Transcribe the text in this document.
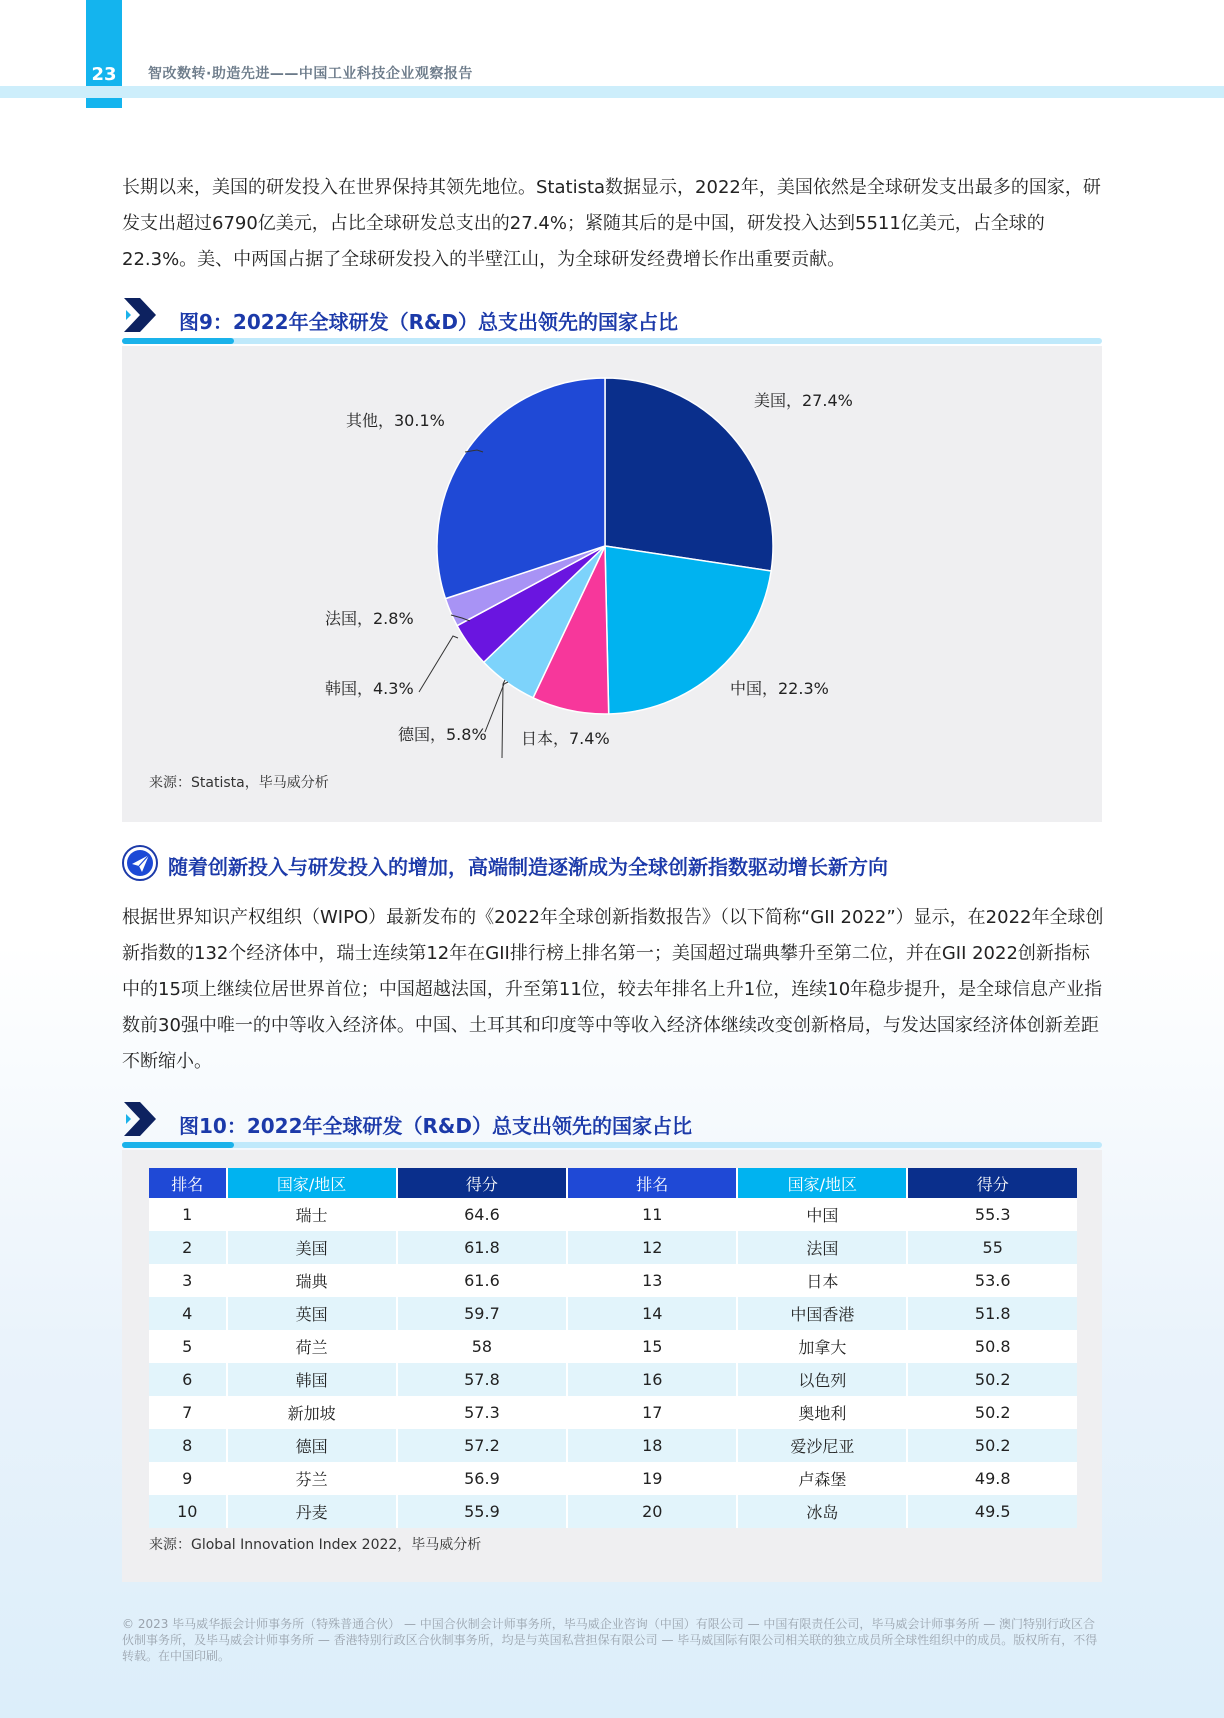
23	智改数转·助造先进——中国工业科技企业观察报告

长期以来，美国的研发投入在世界保持其领先地位。Statista数据显示，2022年，美国依然是全球研发支出最多的国家，研发支出超过6790亿美元，占比全球研发总支出的27.4%；紧随其后的是中国，研发投入达到5511亿美元，占全球的22.3%。美、中两国占据了全球研发投入的半壁江山，为全球研发经费增长作出重要贡献。

图9：2022年全球研发（R&D）总支出领先的国家占比
美国，27.4%
中国，22.3%
日本，7.4%
德国，5.8%
韩国，4.3%
法国，2.8%
其他，30.1%
来源：Statista，毕马威分析
随着创新投入与研发投入的增加，高端制造逐渐成为全球创新指数驱动增长新方向

根据世界知识产权组织（WIPO）最新发布的《2022年全球创新指数报告》（以下简称“GII 2022”）显示，在2022年全球创新指数的132个经济体中，瑞士连续第12年在GII排行榜上排名第一；美国超过瑞典攀升至第二位，并在GII 2022创新指标中的15项上继续位居世界首位；中国超越法国，升至第11位，较去年排名上升1位，连续10年稳步提升，是全球信息产业指数前30强中唯一的中等收入经济体。中国、土耳其和印度等中等收入经济体继续改变创新格局，与发达国家经济体创新差距不断缩小。

图10：2022年全球研发（R&D）总支出领先的国家占比
来源：Global Innovation Index 2022，毕马威分析
排名	国家/地区	得分	排名	国家/地区	得分
1	瑞士	64.6	11	中国	55.3
2	美国	61.8	12	法国	55
3	瑞典	61.6	13	日本	53.6
4	英国	59.7	14	中国香港	51.8
5	荷兰	58	15	加拿大	50.8
6	韩国	57.8	16	以色列	50.2
7	新加坡	57.3	17	奥地利	50.2
8	德国	57.2	18	爱沙尼亚	50.2
9	芬兰	56.9	19	卢森堡	49.8
10	丹麦	55.9	20	冰岛	49.5
© 2023 毕马威华振会计师事务所（特殊普通合伙） — 中国合伙制会计师事务所，毕马威企业咨询（中国）有限公司 — 中国有限责任公司，毕马威会计师事务所 — 澳门特别行政区合伙制事务所，及毕马威会计师事务所 — 香港特别行政区合伙制事务所，均是与英国私营担保有限公司 — 毕马威国际有限公司相关联的独立成员所全球性组织中的成员。版权所有，不得转载。在中国印刷。
